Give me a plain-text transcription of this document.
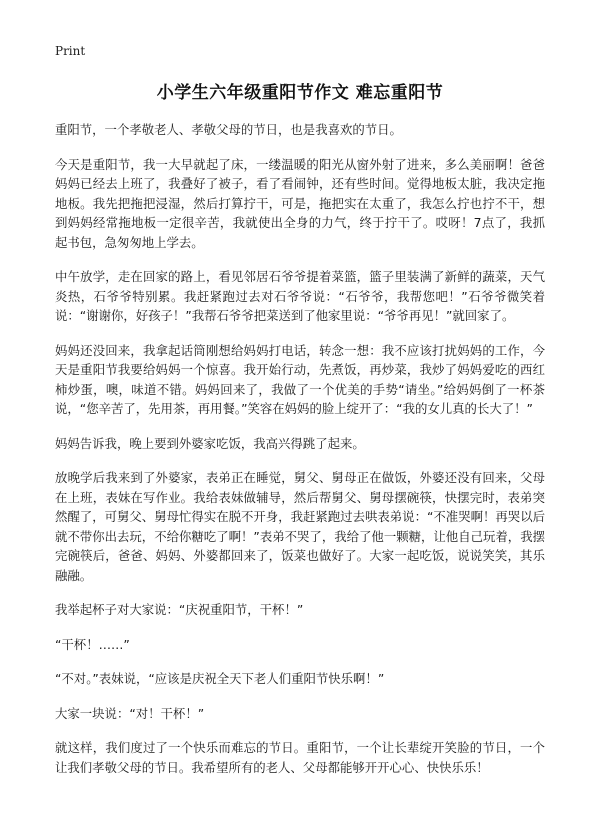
Print
小学生六年级重阳节作文 难忘重阳节

重阳节，一个孝敬老人、孝敬父母的节日，也是我喜欢的节日。

今天是重阳节，我一大早就起了床，一缕温暖的阳光从窗外射了进来，多么美丽啊！爸爸妈妈已经去上班了，我叠好了被子，看了看闹钟，还有些时间。觉得地板太脏，我决定拖地板。我先把拖把浸湿，然后打算拧干，可是，拖把实在太重了，我怎么拧也拧不干，想到妈妈经常拖地板一定很辛苦，我就使出全身的力气，终于拧干了。哎呀！7点了，我抓起书包，急匆匆地上学去。

中午放学，走在回家的路上，看见邻居石爷爷提着菜篮，篮子里装满了新鲜的蔬菜，天气炎热，石爷爷特别累。我赶紧跑过去对石爷爷说：“石爷爷，我帮您吧！”石爷爷微笑着说：“谢谢你，好孩子！”我帮石爷爷把菜送到了他家里说：“爷爷再见！”就回家了。

妈妈还没回来，我拿起话筒刚想给妈妈打电话，转念一想：我不应该打扰妈妈的工作，今天是重阳节我要给妈妈一个惊喜。我开始行动，先煮饭，再炒菜，我炒了妈妈爱吃的西红柿炒蛋，噢，味道不错。妈妈回来了，我做了一个优美的手势“请坐。”给妈妈倒了一杯茶说，“您辛苦了，先用茶，再用餐。”笑容在妈妈的脸上绽开了：“我的女儿真的长大了！”

妈妈告诉我，晚上要到外婆家吃饭，我高兴得跳了起来。

放晚学后我来到了外婆家，表弟正在睡觉，舅父、舅母正在做饭，外婆还没有回来，父母在上班，表妹在写作业。我给表妹做辅导，然后帮舅父、舅母摆碗筷，快摆完时，表弟突然醒了，可舅父、舅母忙得实在脱不开身，我赶紧跑过去哄表弟说：“不准哭啊！再哭以后就不带你出去玩，不给你糖吃了啊！”表弟不哭了，我给了他一颗糖，让他自己玩着，我摆完碗筷后，爸爸、妈妈、外婆都回来了，饭菜也做好了。大家一起吃饭，说说笑笑，其乐融融。

我举起杯子对大家说：“庆祝重阳节，干杯！”

“干杯！……”

“不对。”表妹说，“应该是庆祝全天下老人们重阳节快乐啊！”

大家一块说：“对！干杯！”

就这样，我们度过了一个快乐而难忘的节日。重阳节，一个让长辈绽开笑脸的节日，一个让我们孝敬父母的节日。我希望所有的老人、父母都能够开开心心、快快乐乐！
